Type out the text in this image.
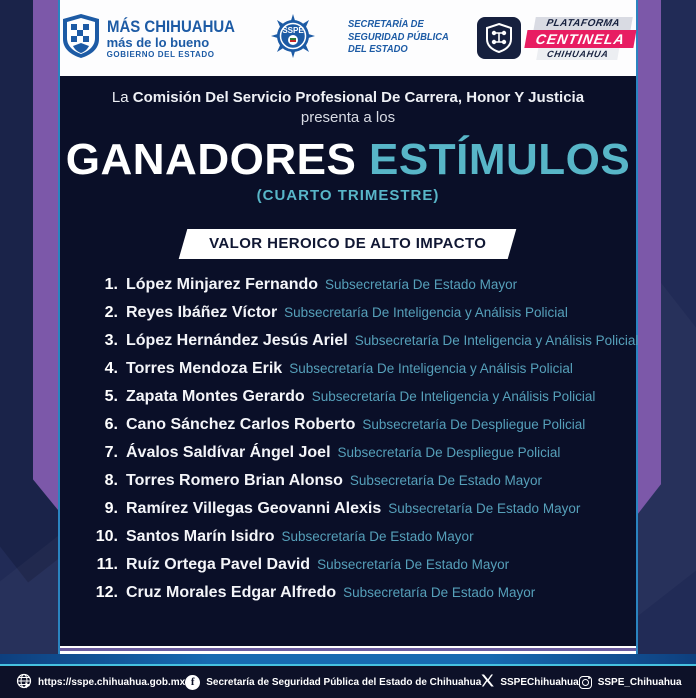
MÁS CHIHUAHUA
más de lo bueno
GOBIERNO DEL ESTADO
SSPE	SECRETARÍA DE
SEGURIDAD PÚBLICA
DEL ESTADO
PLATAFORMA
CENTINELA
CHIHUAHUA
La Comisión Del Servicio Profesional De Carrera, Honor Y Justicia
presenta a los
GANADORES ESTÍMULOS
(CUARTO TRIMESTRE)
VALOR HEROICO DE ALTO IMPACTO
1. López Minjarez Fernando Subsecretaría De Estado Mayor
2. Reyes Ibáñez Víctor Subsecretaría De Inteligencia y Análisis Policial
3. López Hernández Jesús Ariel Subsecretaría De Inteligencia y Análisis Policial
4. Torres Mendoza Erik Subsecretaría De Inteligencia y Análisis Policial
5. Zapata Montes Gerardo Subsecretaría De Inteligencia y Análisis Policial
6. Cano Sánchez Carlos Roberto Subsecretaría De Despliegue Policial
7. Ávalos Saldívar Ángel Joel Subsecretaría De Despliegue Policial
8. Torres Romero Brian Alonso Subsecretaría De Estado Mayor
9. Ramírez Villegas Geovanni Alexis Subsecretaría De Estado Mayor
10. Santos Marín Isidro Subsecretaría De Estado Mayor
11. Ruíz Ortega Pavel David Subsecretaría De Estado Mayor
12. Cruz Morales Edgar Alfredo Subsecretaría De Estado Mayor
https://sspe.chihuahua.gob.mx f	Secretaría de Seguridad Pública del Estado de Chihuahua SSPEChihuahua SSPE_Chihuahua
